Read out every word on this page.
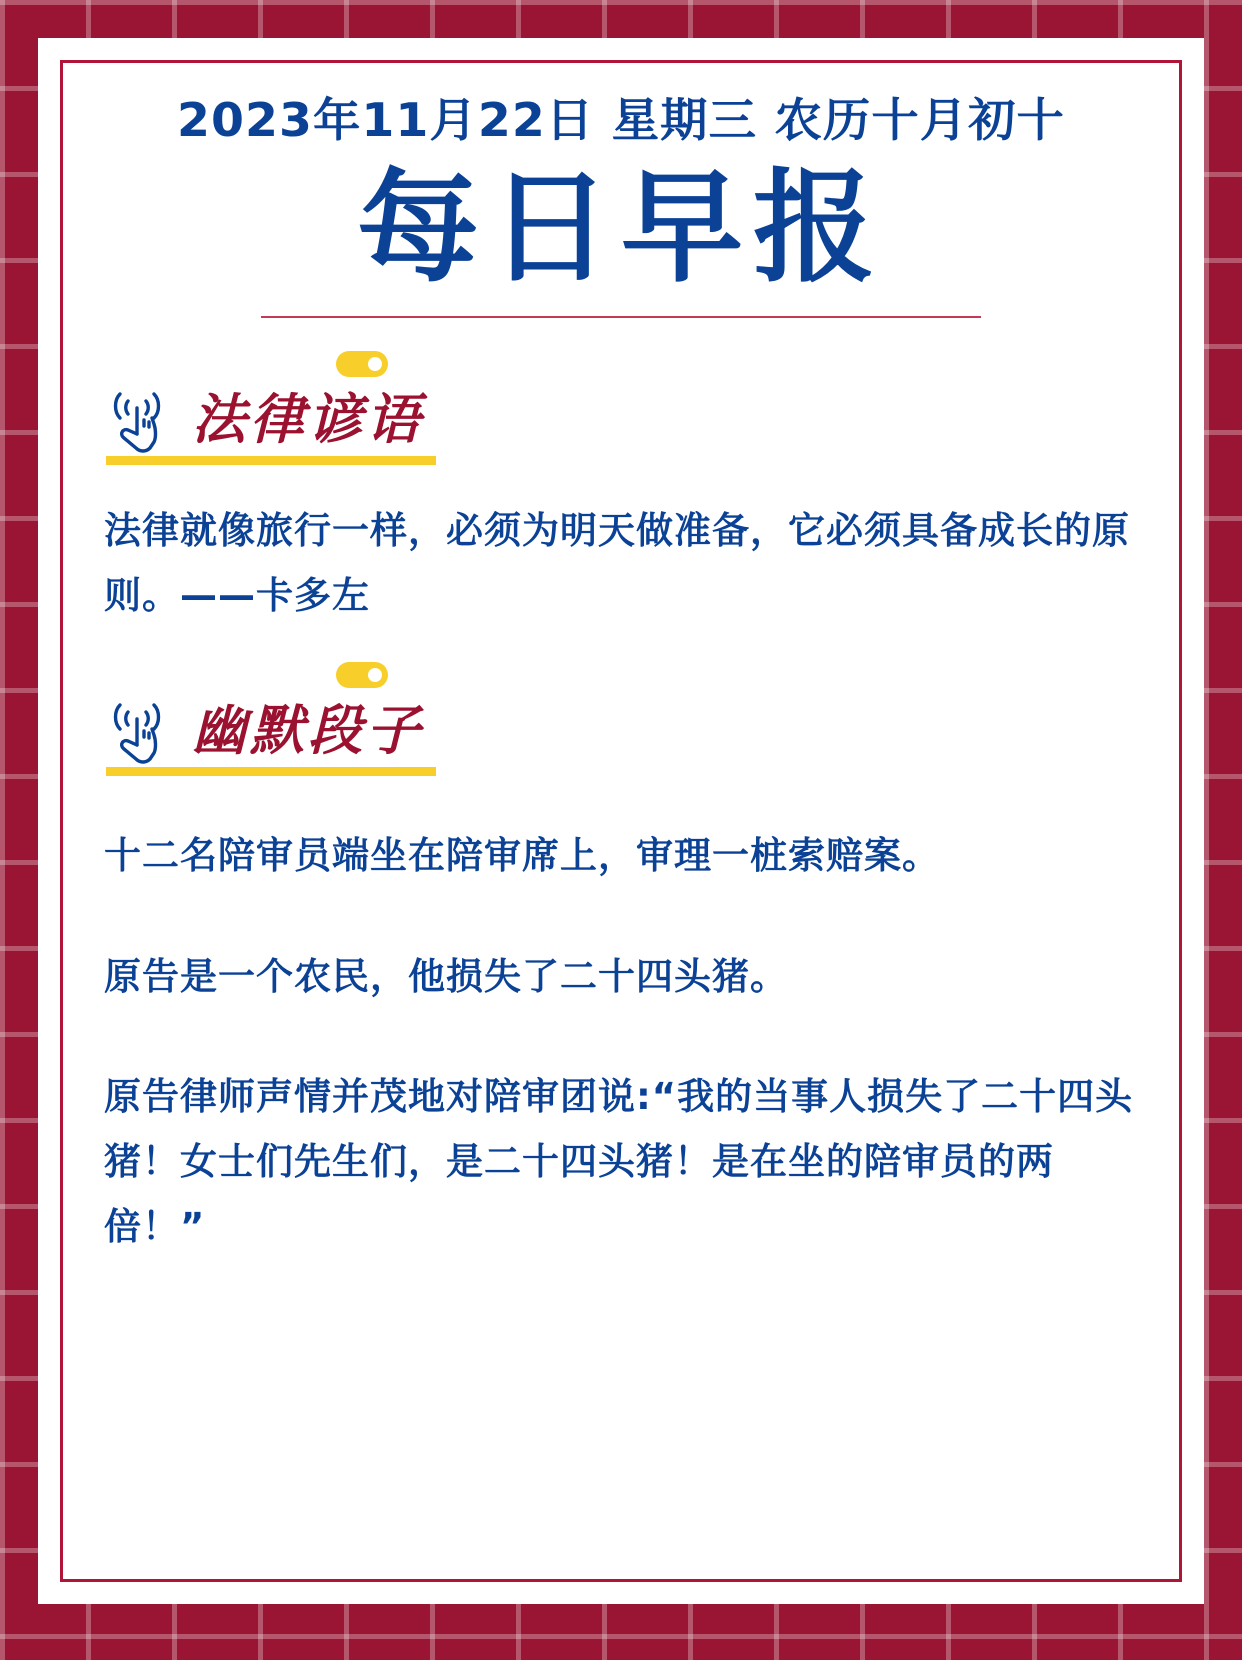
2023年11月22日 星期三 农历十月初十
每日早报
法律谚语
法律就像旅行一样，必须为明天做准备，它必须具备成长的原则。——卡多左
幽默段子
十二名陪审员端坐在陪审席上，审理一桩索赔案。
原告是一个农民，他损失了二十四头猪。
原告律师声情并茂地对陪审团说:“我的当事人损失了二十四头猪！女士们先生们，是二十四头猪！是在坐的陪审员的两倍！”
